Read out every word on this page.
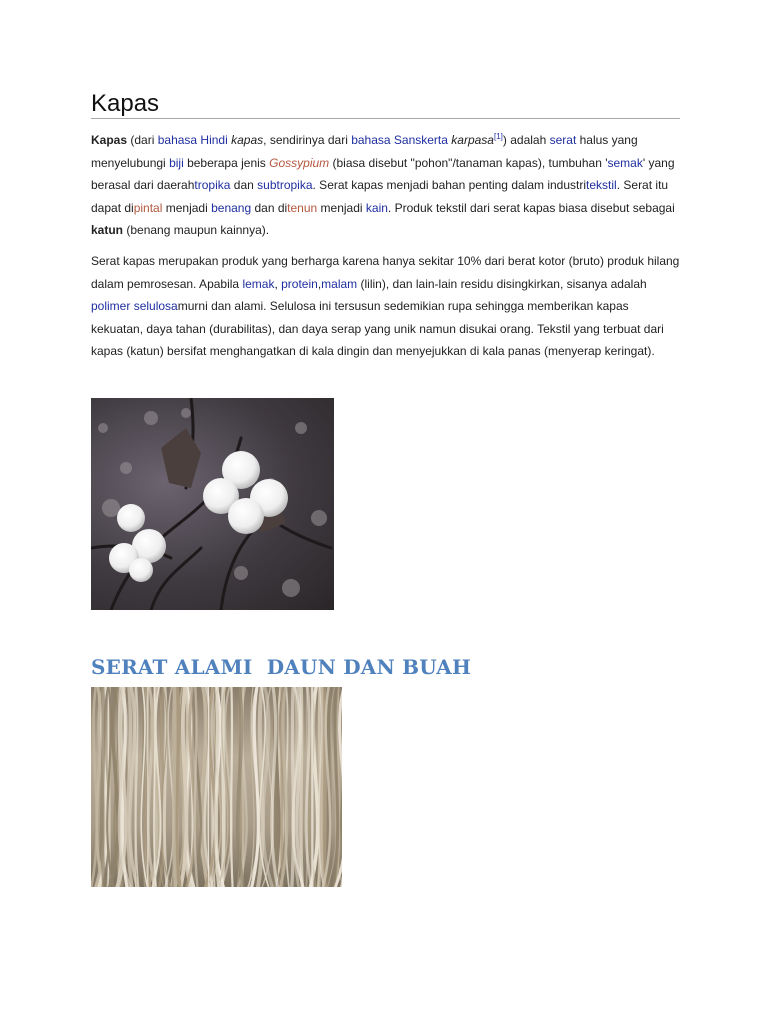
Kapas

Kapas (dari bahasa Hindi kapas, sendirinya dari bahasa Sanskerta karpasa[1]) adalah serat halus yang menyelubungi biji beberapa jenis Gossypium (biasa disebut "pohon"/tanaman kapas), tumbuhan 'semak' yang berasal dari daerahtropika dan subtropika. Serat kapas menjadi bahan penting dalam industritekstil. Serat itu dapat dipintal menjadi benang dan ditenun menjadi kain. Produk tekstil dari serat kapas biasa disebut sebagai katun (benang maupun kainnya).

Serat kapas merupakan produk yang berharga karena hanya sekitar 10% dari berat kotor (bruto) produk hilang dalam pemrosesan. Apabila lemak, protein,malam (lilin), dan lain-lain residu disingkirkan, sisanya adalah polimer selulosamurni dan alami. Selulosa ini tersusun sedemikian rupa sehingga memberikan kapas kekuatan, daya tahan (durabilitas), dan daya serap yang unik namun disukai orang. Tekstil yang terbuat dari kapas (katun) bersifat menghangatkan di kala dingin dan menyejukkan di kala panas (menyerap keringat).

SERAT ALAMI  DAUN DAN BUAH
